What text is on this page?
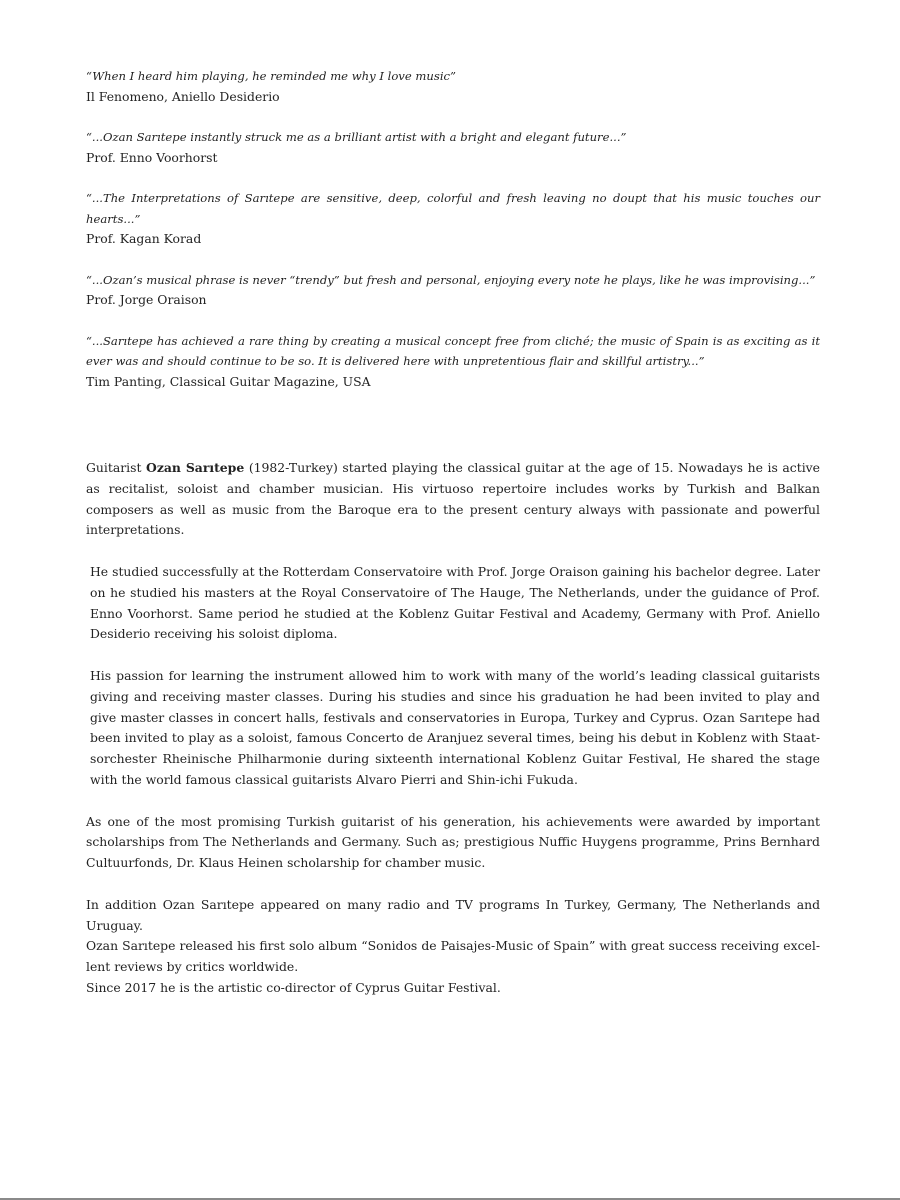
“When I heard him playing, he reminded me why I love music”

Il Fenomeno, Aniello Desiderio

“...Ozan Sarıtepe instantly struck me as a brilliant artist with a bright and elegant future...”

Prof. Enno Voorhorst

“...The Interpretations of Sarıtepe are sensitive, deep, colorful and fresh leaving no doupt that his music touches our hearts...”

Prof. Kagan Korad

“...Ozan’s musical phrase is never “trendy” but fresh and personal, enjoying every note he plays, like he was improvising...”

Prof. Jorge Oraison

“...Sarıtepe has achieved a rare thing by creating a musical concept free from cliché; the music of Spain is as exciting as it ever was and should continue to be so. It is delivered here with unpretentious flair and skillful artistry...”

Tim Panting, Classical Guitar Magazine, USA

Guitarist Ozan Sarıtepe (1982-Turkey) started playing the classical guitar at the age of 15. Nowadays he is active as recitalist, soloist and chamber musician. His virtuoso repertoire includes works by Turkish and Balkan composers as well as music from the Baroque era to the present century always with passionate and powerful interpretations.

He studied successfully at the Rotterdam Conservatoire with Prof. Jorge Oraison gaining his bachelor degree. Later on he studied his masters at the Royal Conservatoire of The Hauge, The Netherlands, under the guidance of Prof. Enno Voorhorst. Same period he studied at the Koblenz Guitar Festival and Academy, Germany with Prof. Aniello Desiderio receiving his soloist diploma.

His passion for learning the instrument allowed him to work with many of the world’s leading classical guitarists giving and receiving master classes. During his studies and since his graduation he had been invited to play and give master classes in concert halls, festivals and conservatories in Europa, Turkey and Cyprus. Ozan Sarıtepe had been invited to play as a soloist, famous Concerto de Aranjuez several times, being his debut in Koblenz with Staatsorchester Rheinische Philharmonie during sixteenth international Koblenz Guitar Festival, He shared the stage with the world famous classical guitarists Alvaro Pierri and Shin-ichi Fukuda.

As one of the most promising Turkish guitarist of his generation, his achievements were awarded by important scholarships from The Netherlands and Germany. Such as; prestigious Nuffic Huygens programme, Prins Bernhard Cultuurfonds, Dr. Klaus Heinen scholarship for chamber music.

In addition Ozan Sarıtepe appeared on many radio and TV programs In Turkey, Germany, The Netherlands and Uruguay.

Ozan Sarıtepe released his first solo album “Sonidos de Paisajes-Music of Spain” with great success receiving excellent reviews by critics worldwide.

Since 2017 he is the artistic co-director of Cyprus Guitar Festival.
